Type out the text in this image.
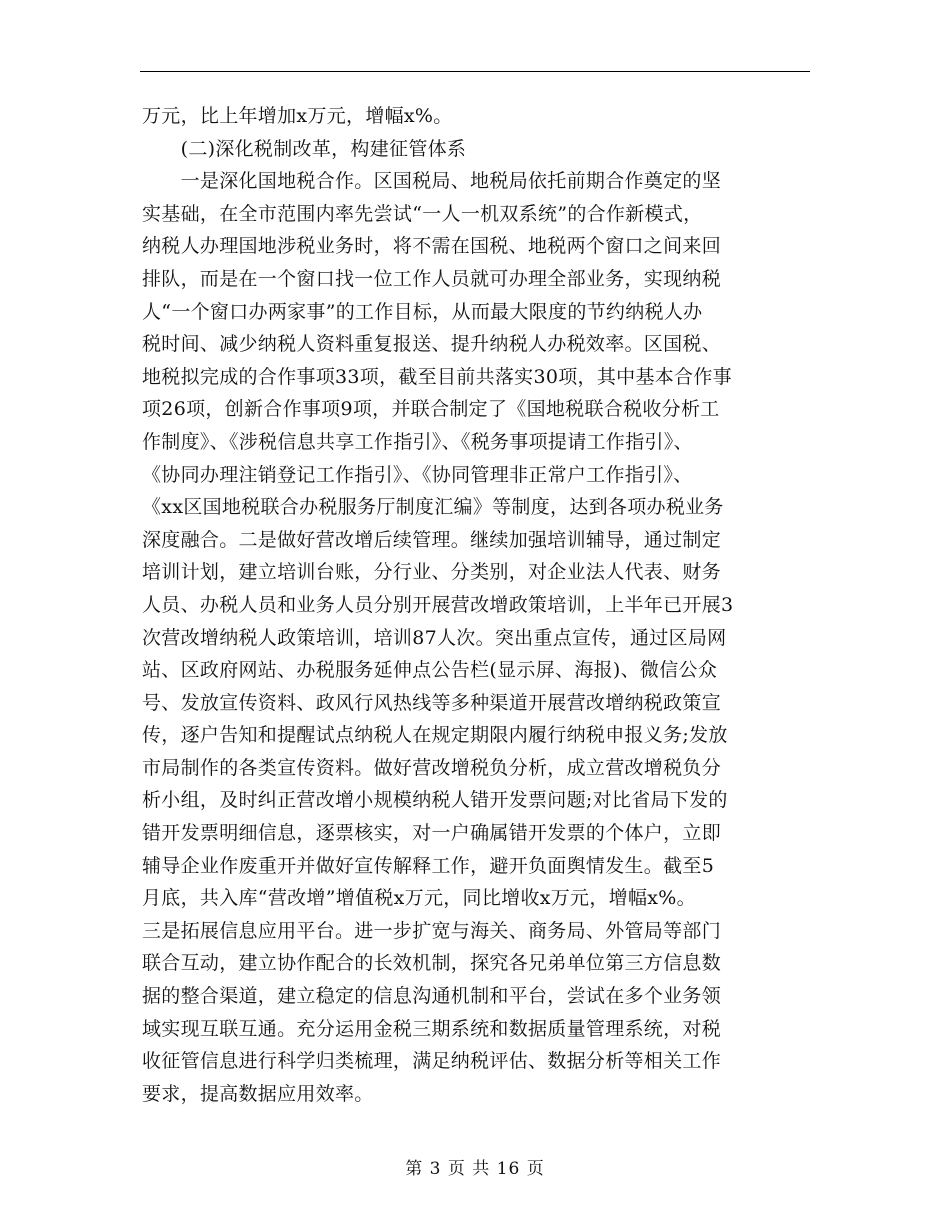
万元，比上年增加x万元，增幅x%。
　　(二)深化税制改革，构建征管体系
　　一是深化国地税合作。区国税局、地税局依托前期合作奠定的坚
实基础，在全市范围内率先尝试“一人一机双系统”的合作新模式，
纳税人办理国地涉税业务时，将不需在国税、地税两个窗口之间来回
排队，而是在一个窗口找一位工作人员就可办理全部业务，实现纳税
人“一个窗口办两家事”的工作目标，从而最大限度的节约纳税人办
税时间、减少纳税人资料重复报送、提升纳税人办税效率。区国税、
地税拟完成的合作事项33项，截至目前共落实30项，其中基本合作事
项26项，创新合作事项9项，并联合制定了《国地税联合税收分析工
作制度》、《涉税信息共享工作指引》、《税务事项提请工作指引》、
《协同办理注销登记工作指引》、《协同管理非正常户工作指引》、
《xx区国地税联合办税服务厅制度汇编》等制度，达到各项办税业务
深度融合。二是做好营改增后续管理。继续加强培训辅导，通过制定
培训计划，建立培训台账，分行业、分类别，对企业法人代表、财务
人员、办税人员和业务人员分别开展营改增政策培训，上半年已开展3
次营改增纳税人政策培训，培训87人次。突出重点宣传，通过区局网
站、区政府网站、办税服务延伸点公告栏(显示屏、海报)、微信公众
号、发放宣传资料、政风行风热线等多种渠道开展营改增纳税政策宣
传，逐户告知和提醒试点纳税人在规定期限内履行纳税申报义务;发放
市局制作的各类宣传资料。做好营改增税负分析，成立营改增税负分
析小组，及时纠正营改增小规模纳税人错开发票问题;对比省局下发的
错开发票明细信息，逐票核实，对一户确属错开发票的个体户，立即
辅导企业作废重开并做好宣传解释工作，避开负面舆情发生。截至5
月底，共入库“营改增”增值税x万元，同比增收x万元，增幅x%。
三是拓展信息应用平台。进一步扩宽与海关、商务局、外管局等部门
联合互动，建立协作配合的长效机制，探究各兄弟单位第三方信息数
据的整合渠道，建立稳定的信息沟通机制和平台，尝试在多个业务领
域实现互联互通。充分运用金税三期系统和数据质量管理系统，对税
收征管信息进行科学归类梳理，满足纳税评估、数据分析等相关工作
要求，提高数据应用效率。
第 3 页 共 16 页
